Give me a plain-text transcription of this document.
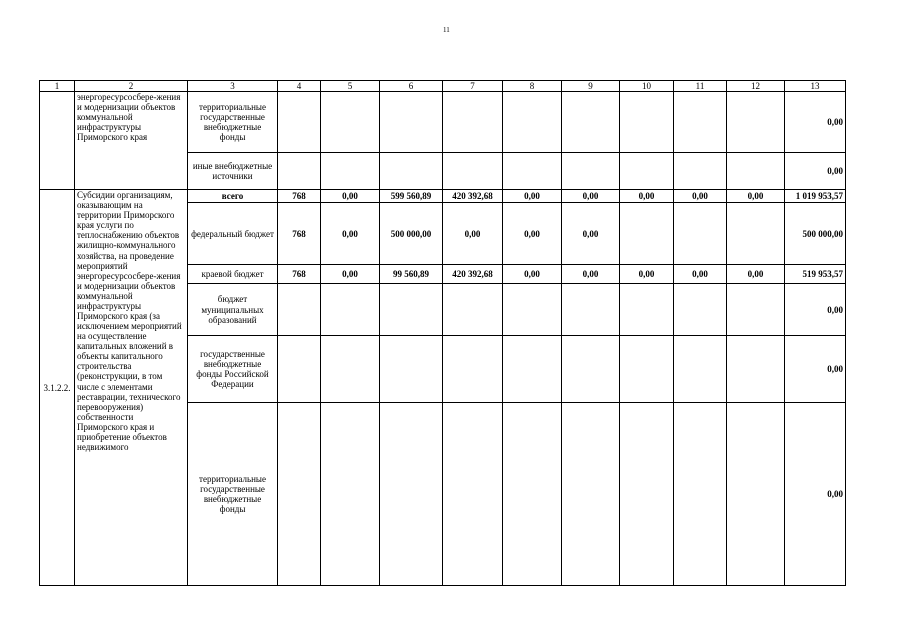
11
1	2	3	4	5	6	7	8	9	10	11	12	13
	энергоресурсосбере-жения и модернизации объектов коммунальной инфраструктуры Приморского края	территориальные государственные внебюджетные фонды										0,00
		иные внебюджетные источники										0,00
3.1.2.2.	Субсидии организациям, оказывающим на территории Приморского края услуги по теплоснабжению объектов жилищно-коммунального хозяйства, на проведение мероприятий энергоресурсосбере-жения и модернизации объектов коммунальной инфраструктуры Приморского края (за исключением мероприятий на осуществление капитальных вложений в объекты капитального строительства (реконструкции, в том числе с элементами реставрации, технического перевооружения) собственности Приморского края и приобретение объектов недвижимого	всего	768	0,00	599 560,89	420 392,68	0,00	0,00	0,00	0,00	0,00	1 019 953,57
		федеральный бюджет	768	0,00	500 000,00	0,00	0,00	0,00				500 000,00
		краевой бюджет	768	0,00	99 560,89	420 392,68	0,00	0,00	0,00	0,00	0,00	519 953,57
		бюджет муниципальных образований										0,00
		государственные внебюджетные фонды Российской Федерации										0,00
		территориальные государственные внебюджетные фонды										0,00
